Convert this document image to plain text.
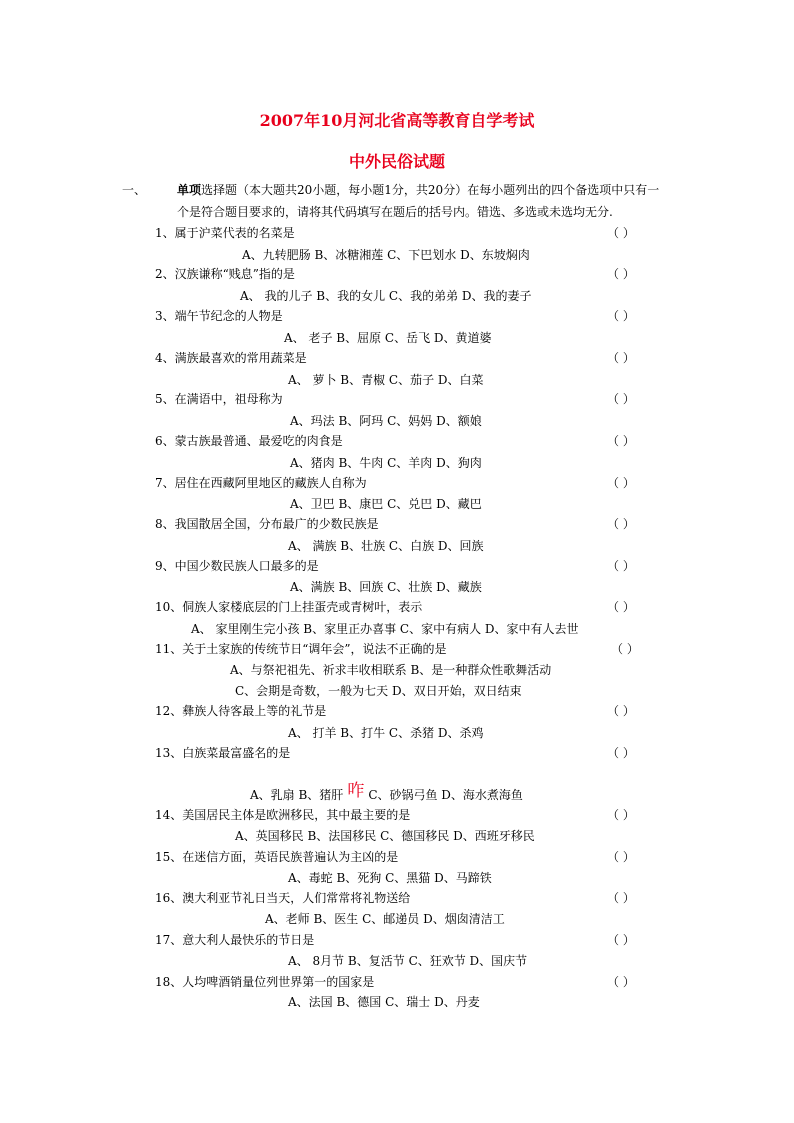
2007年10月河北省高等教育自学考试
中外民俗试题
一、	单项选择题（本大题共20小题，每小题1分，共20分）在每小题列出的四个备选项中只有一
个是符合题目要求的，请将其代码填写在题后的括号内。错选、多选或未选均无分.
1、属于沪菜代表的名菜是	（ ）
A、九转肥肠 B、冰糖湘莲 C、下巴划水 D、东坡焖肉
2、汉族谦称“贱息”指的是	（ ）
A、 我的儿子 B、我的女儿 C、我的弟弟 D、我的妻子
3、端午节纪念的人物是	（ ）
A、 老子 B、屈原 C、岳飞 D、黄道婆
4、满族最喜欢的常用蔬菜是	（ ）
A、 萝卜 B、青椒 C、茄子 D、白菜
5、在满语中，祖母称为	（ ）
A、玛法 B、阿玛 C、妈妈 D、额娘
6、蒙古族最普通、最爱吃的肉食是	（ ）
A、猪肉 B、牛肉 C、羊肉 D、狗肉
7、居住在西藏阿里地区的藏族人自称为	（ ）
A、卫巴 B、康巴 C、兑巴 D、藏巴
8、我国散居全国，分布最广的少数民族是	（ ）
A、 满族 B、壮族 C、白族 D、回族
9、中国少数民族人口最多的是	（ ）
A、满族 B、回族 C、壮族 D、藏族
10、侗族人家楼底层的门上挂蛋壳或青树叶，表示	（ ）
A、 家里刚生完小孩 B、家里正办喜事 C、家中有病人 D、家中有人去世
11、关于土家族的传统节日“调年会”，说法不正确的是	（ ）
A、与祭祀祖先、祈求丰收相联系 B、是一种群众性歌舞活动
C、会期是奇数，一般为七天 D、双日开始，双日结束
12、彝族人待客最上等的礼节是	（ ）
A、 打羊 B、打牛 C、杀猪 D、杀鸡
13、白族菜最富盛名的是	（ ）
A、乳扇 B、猪肝 咋 C、砂锅弓鱼 D、海水煮海鱼
14、美国居民主体是欧洲移民，其中最主要的是	（ ）
A、英国移民 B、法国移民 C、德国移民 D、西班牙移民
15、在迷信方面，英语民族普遍认为主凶的是	（ ）
A、毒蛇 B、死狗 C、黑猫 D、马蹄铁
16、澳大利亚节礼日当天，人们常常将礼物送给	（ ）
A、老师 B、医生 C、邮递员 D、烟囱清洁工
17、意大利人最快乐的节日是	（ ）
A、 8月节 B、复活节 C、狂欢节 D、国庆节
18、人均啤酒销量位列世界第一的国家是	（ ）
A、法国 B、德国 C、瑞士 D、丹麦
